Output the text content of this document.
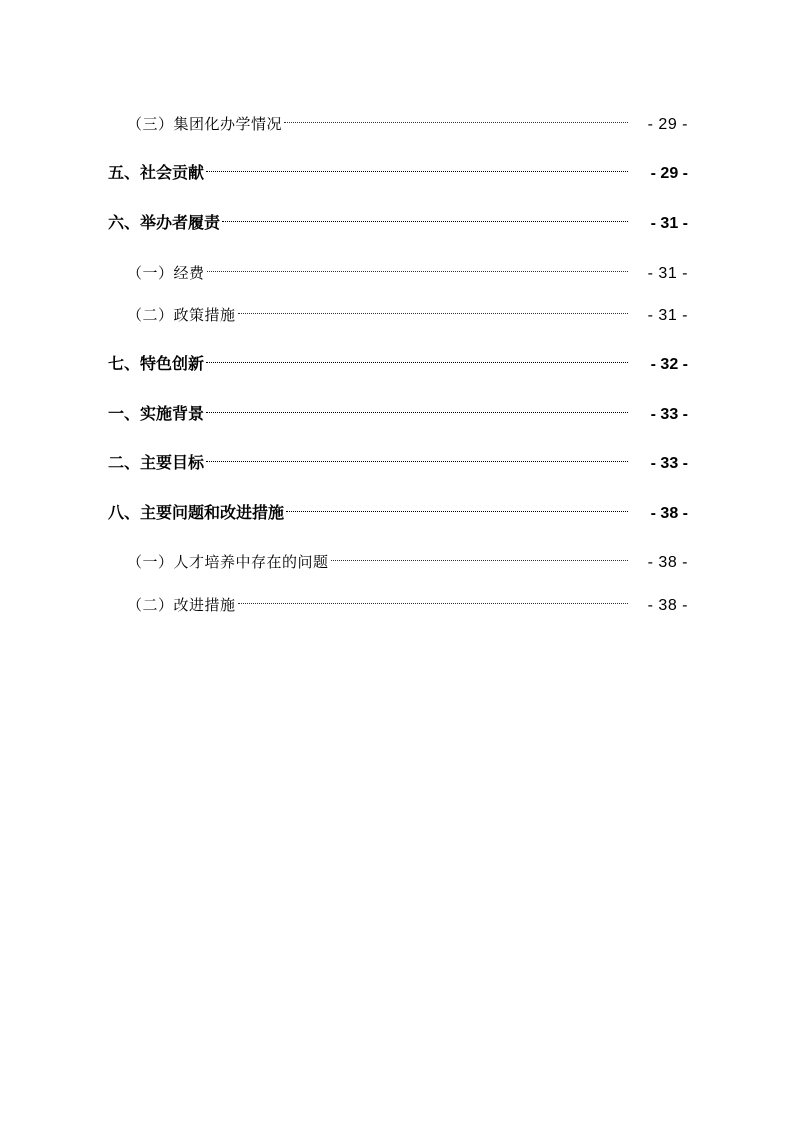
（三）集团化办学情况	- 29 -
五、社会贡献	- 29 -
六、举办者履责	- 31 -
（一）经费	- 31 -
（二）政策措施	- 31 -
七、特色创新	- 32 -
一、实施背景	- 33 -
二、主要目标	- 33 -
八、主要问题和改进措施	- 38 -
（一）人才培养中存在的问题	- 38 -
（二）改进措施	- 38 -
